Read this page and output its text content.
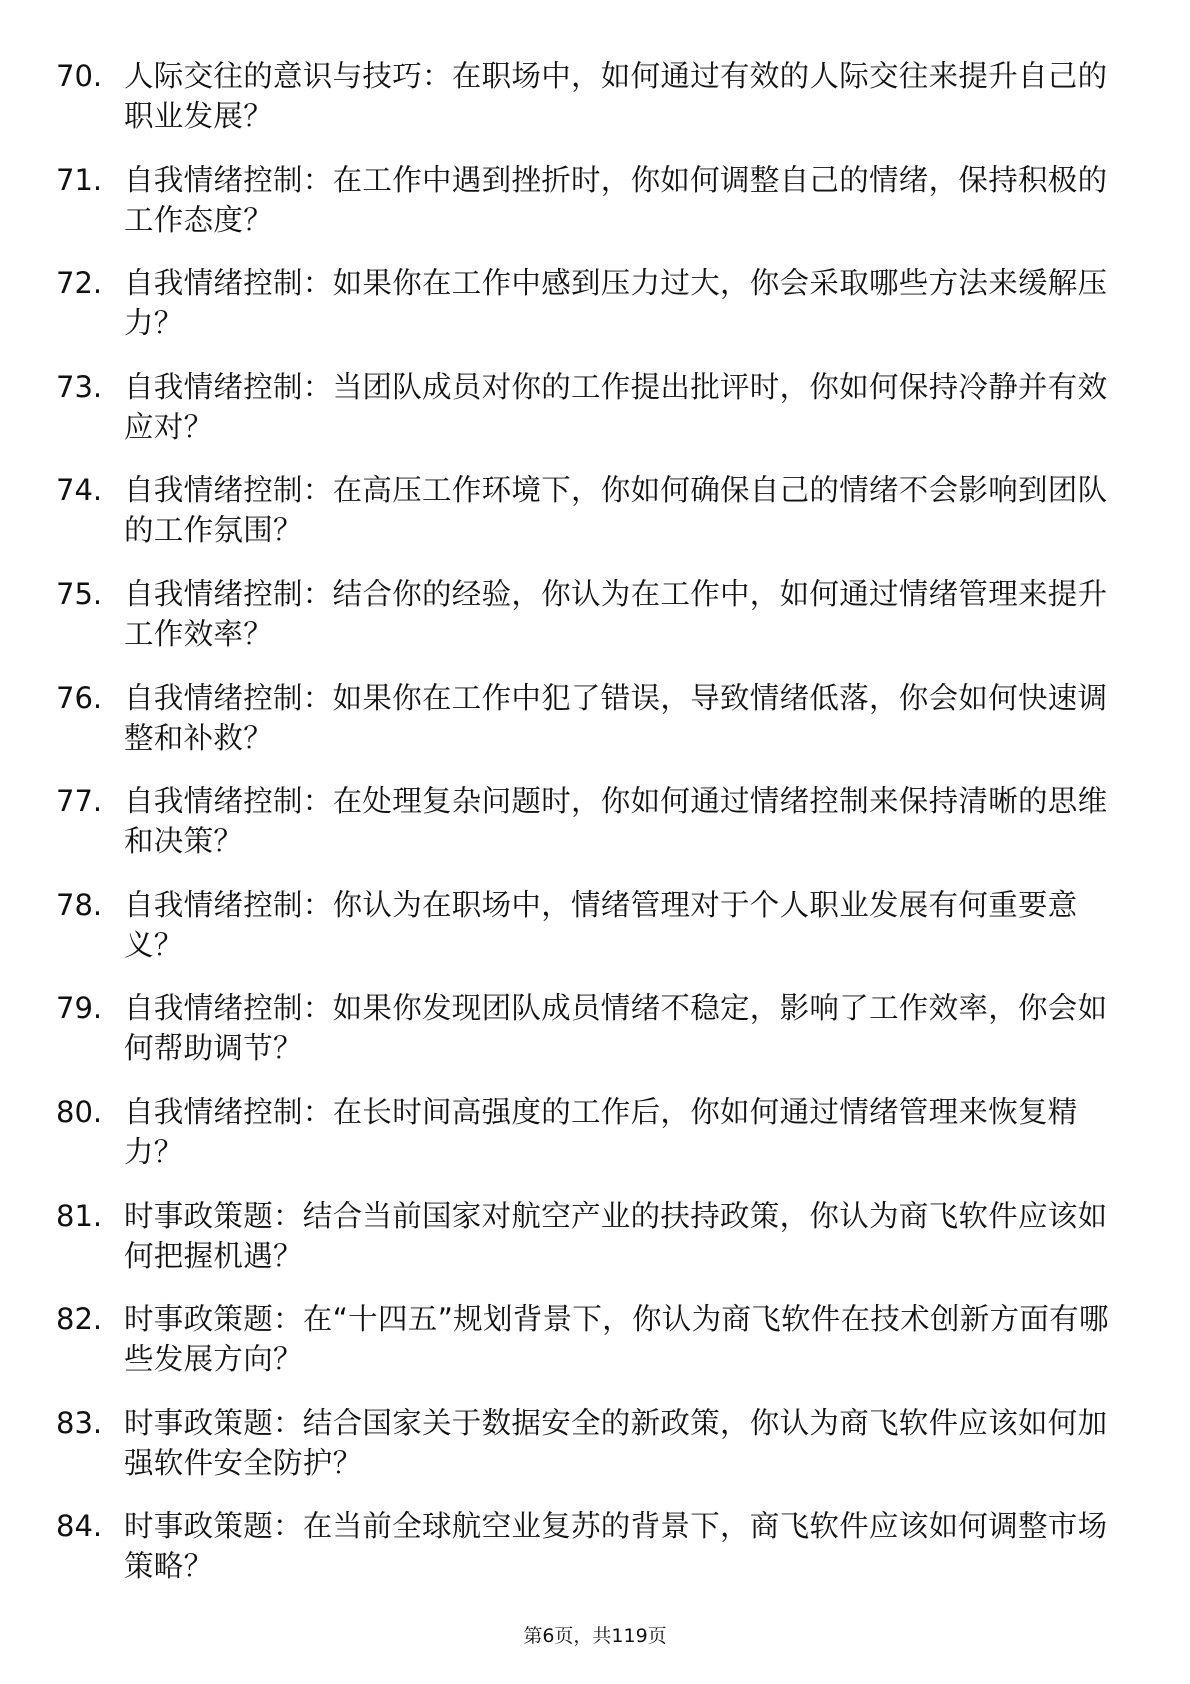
70. 人际交往的意识与技巧：在职场中，如何通过有效的人际交往来提升自己的职业发展？
71. 自我情绪控制：在工作中遇到挫折时，你如何调整自己的情绪，保持积极的工作态度？
72. 自我情绪控制：如果你在工作中感到压力过大，你会采取哪些方法来缓解压力？
73. 自我情绪控制：当团队成员对你的工作提出批评时，你如何保持冷静并有效应对？
74. 自我情绪控制：在高压工作环境下，你如何确保自己的情绪不会影响到团队的工作氛围？
75. 自我情绪控制：结合你的经验，你认为在工作中，如何通过情绪管理来提升工作效率？
76. 自我情绪控制：如果你在工作中犯了错误，导致情绪低落，你会如何快速调整和补救？
77. 自我情绪控制：在处理复杂问题时，你如何通过情绪控制来保持清晰的思维和决策？
78. 自我情绪控制：你认为在职场中，情绪管理对于个人职业发展有何重要意义？
79. 自我情绪控制：如果你发现团队成员情绪不稳定，影响了工作效率，你会如何帮助调节？
80. 自我情绪控制：在长时间高强度的工作后，你如何通过情绪管理来恢复精力？
81. 时事政策题：结合当前国家对航空产业的扶持政策，你认为商飞软件应该如何把握机遇？
82. 时事政策题：在“十四五”规划背景下，你认为商飞软件在技术创新方面有哪些发展方向？
83. 时事政策题：结合国家关于数据安全的新政策，你认为商飞软件应该如何加强软件安全防护？
84. 时事政策题：在当前全球航空业复苏的背景下，商飞软件应该如何调整市场策略？
第6页，共119页
